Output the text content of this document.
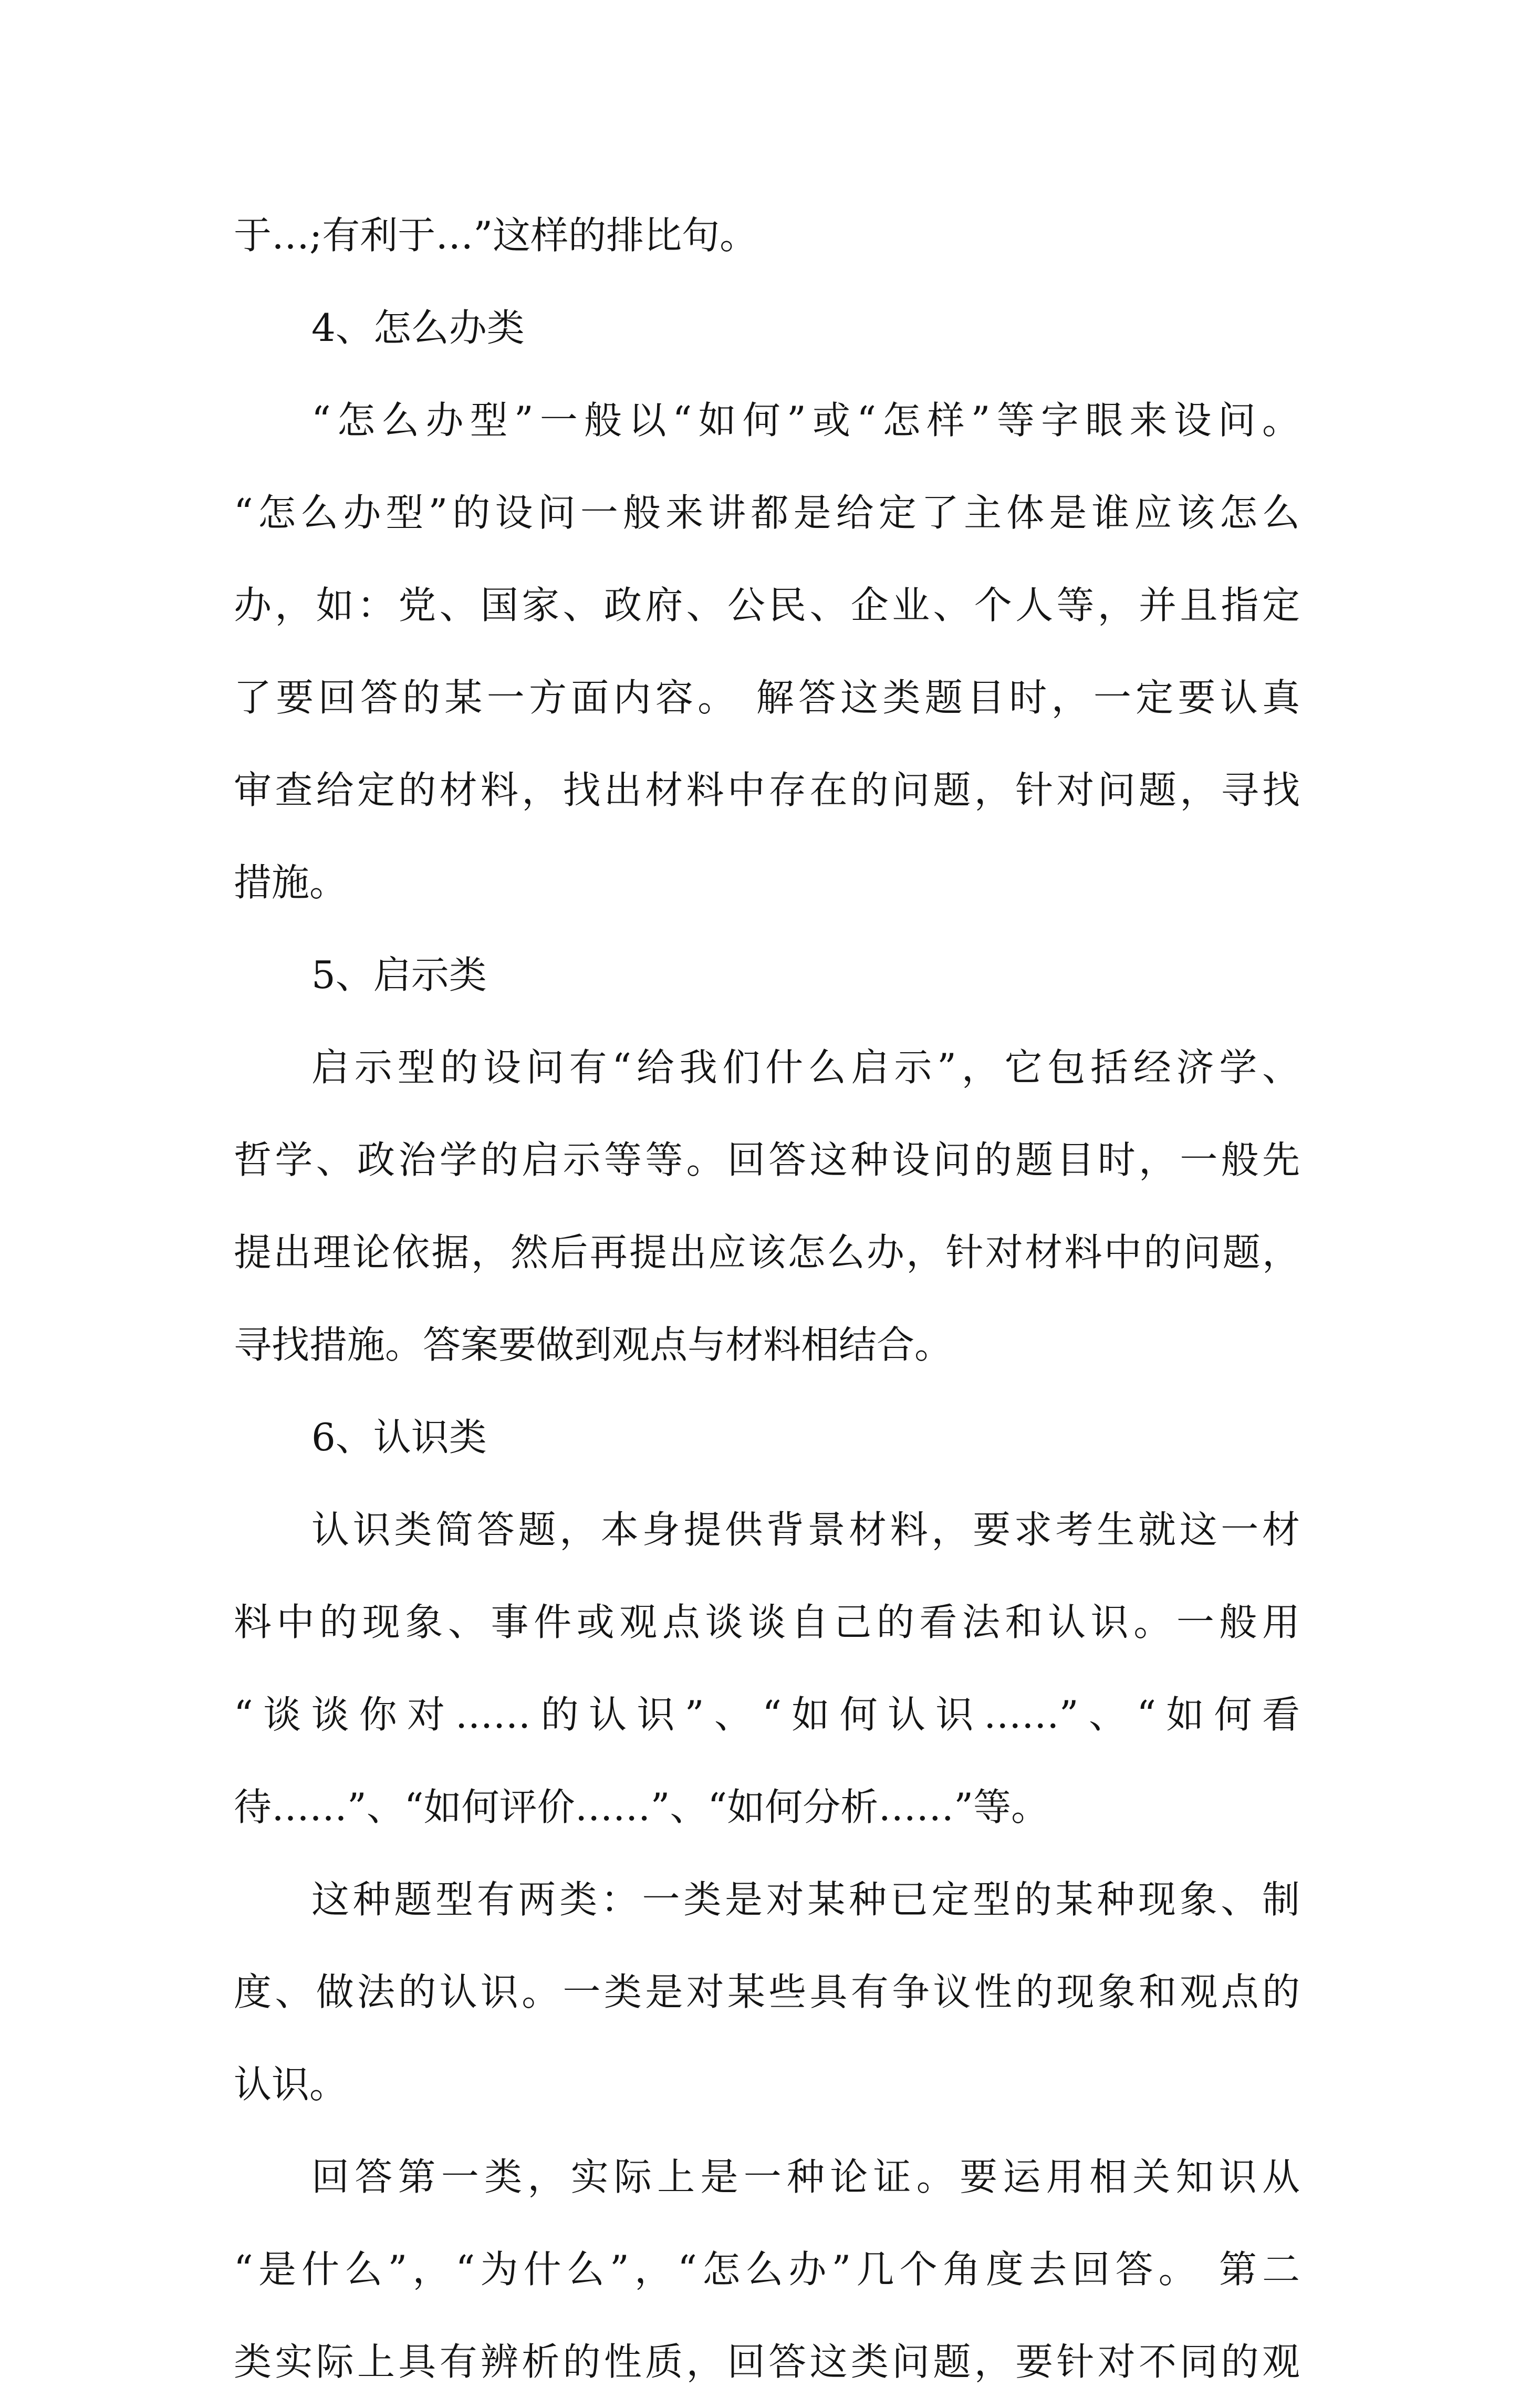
于…;有利于…”这样的排比句。
4、怎么办类
“怎么办型”一般以“如何”或“怎样”等字眼来设问。
“怎么办型”的设问一般来讲都是给定了主体是谁应该怎么
办，如：党、国家、政府、公民、企业、个人等，并且指定
了要回答的某一方面内容。 解答这类题目时，一定要认真
审查给定的材料，找出材料中存在的问题，针对问题，寻找
措施。
5、启示类
启示型的设问有“给我们什么启示”，它包括经济学、
哲学、政治学的启示等等。回答这种设问的题目时，一般先
提出理论依据，然后再提出应该怎么办，针对材料中的问题，
寻找措施。答案要做到观点与材料相结合。
6、认识类
认识类简答题，本身提供背景材料，要求考生就这一材
料中的现象、事件或观点谈谈自己的看法和认识。一般用
“谈谈你对……的认识”、“如何认识……”、“如何看
待……”、“如何评价……”、“如何分析……”等。
这种题型有两类：一类是对某种已定型的某种现象、制
度、做法的认识。一类是对某些具有争议性的现象和观点的
认识。
回答第一类，实际上是一种论证。要运用相关知识从
“是什么”，“为什么”，“怎么办”几个角度去回答。 第二
类实际上具有辨析的性质，回答这类问题，要针对不同的观
